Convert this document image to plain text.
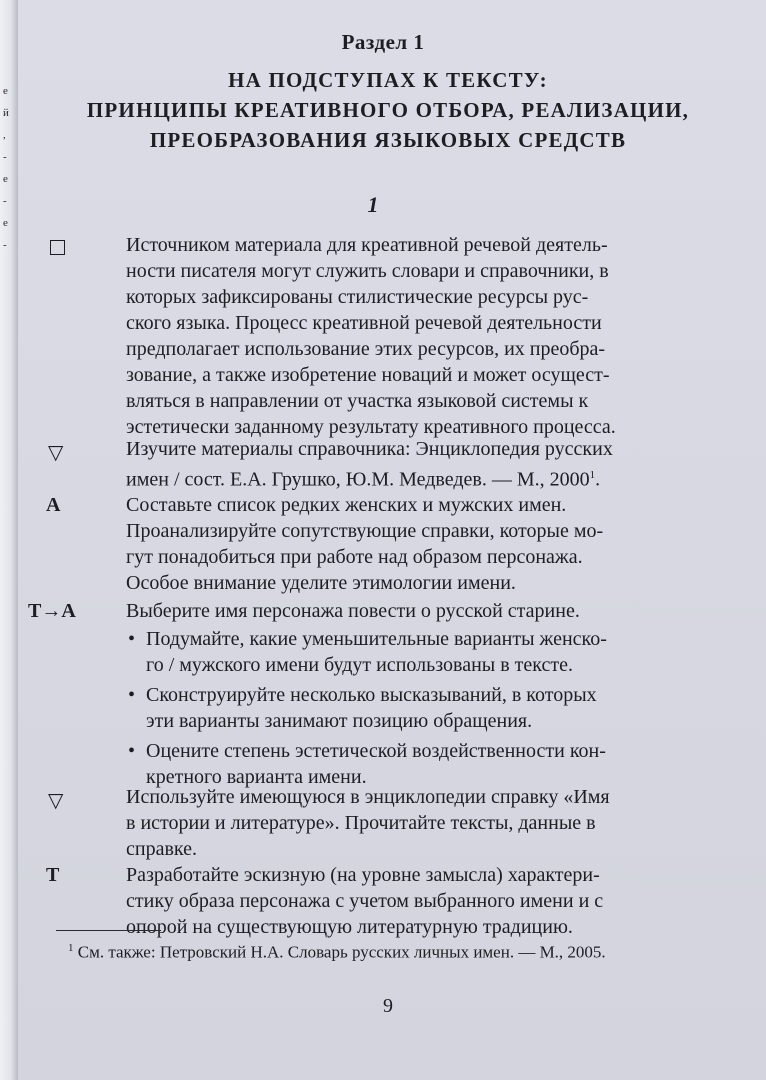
е
й
,
-
е
-
е
-
Раздел 1
НА ПОДСТУПАХ К ТЕКСТУ:
ПРИНЦИПЫ КРЕАТИВНОГО ОТБОРА, РЕАЛИЗАЦИИ,
ПРЕОБРАЗОВАНИЯ ЯЗЫКОВЫХ СРЕДСТВ
1
Источником материала для креативной речевой деятель-
ности писателя могут служить словари и справочники, в
которых зафиксированы стилистические ресурсы рус-
ского языка. Процесс креативной речевой деятельности
предполагает использование этих ресурсов, их преобра-
зование, а также изобретение новаций и может осущест-
вляться в направлении от участка языковой системы к
эстетически заданному результату креативного процесса.
▽	Изучите материалы справочника: Энциклопедия русских
имен / сост. Е.А. Грушко, Ю.М. Медведев. — М., 2000$^1$.
А	Составьте список редких женских и мужских имен.
Проанализируйте сопутствующие справки, которые мо-
гут понадобиться при работе над образом персонажа.
Особое внимание уделите этимологии имени.
Т→А	Выберите имя персонажа повести о русской старине.
• Подумайте, какие уменьшительные варианты женско-
го / мужского имени будут использованы в тексте.
• Сконструируйте несколько высказываний, в которых
эти варианты занимают позицию обращения.
• Оцените степень эстетической воздейственности кон-
кретного варианта имени.
▽	Используйте имеющуюся в энциклопедии справку «Имя
в истории и литературе». Прочитайте тексты, данные в
справке.
Т	Разработайте эскизную (на уровне замысла) характери-
стику образа персонажа с учетом выбранного имени и с
опорой на существующую литературную традицию.
$^1$ См. также: Петровский Н.А. Словарь русских личных имен. — М., 2005.
9
